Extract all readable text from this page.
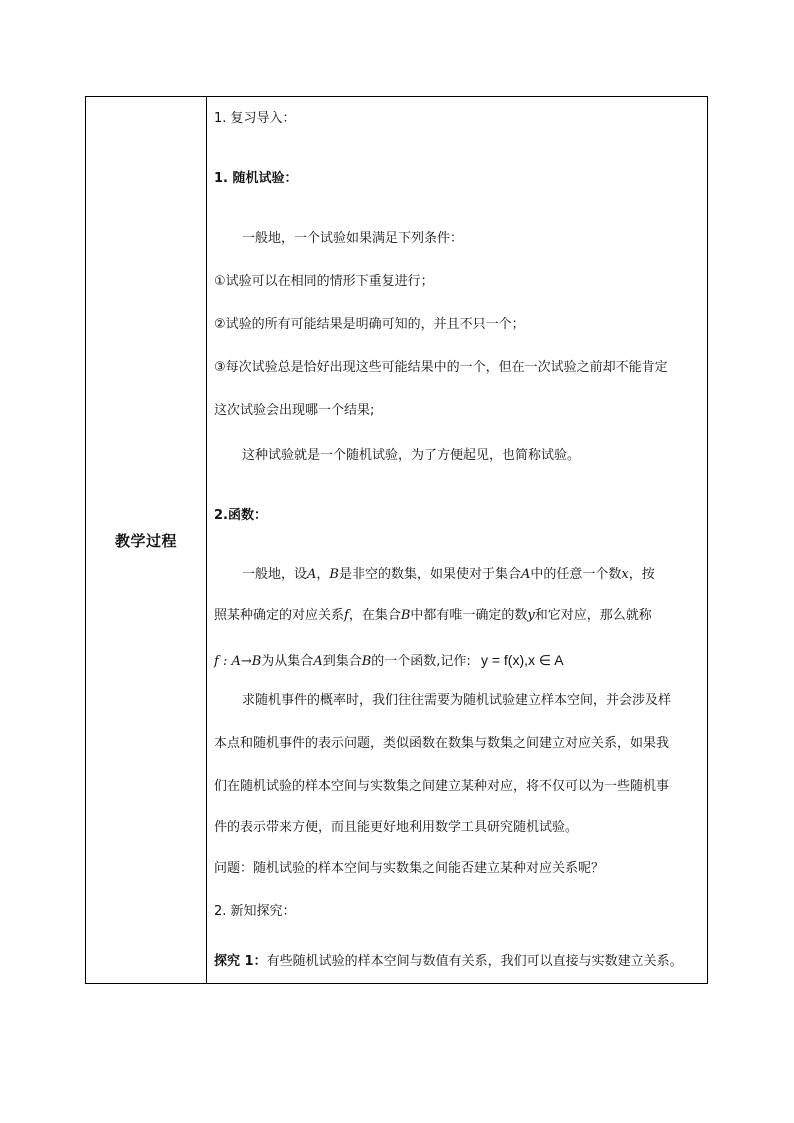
教学过程
1. 复习导入：
1. 随机试验：
一般地，一个试验如果满足下列条件：
①试验可以在相同的情形下重复进行；
②试验的所有可能结果是明确可知的，并且不只一个；
③每次试验总是恰好出现这些可能结果中的一个，但在一次试验之前却不能肯定
这次试验会出现哪一个结果;
这种试验就是一个随机试验，为了方便起见，也简称试验。
2.函数：
一般地，设A，B是非空的数集，如果使对于集合A中的任意一个数x，按
照某种确定的对应关系f，在集合B中都有唯一确定的数y和它对应，那么就称
f : A→B为从集合A到集合B的一个函数,记作: y = f(x),x ∈ A
求随机事件的概率时，我们往往需要为随机试验建立样本空间，并会涉及样
本点和随机事件的表示问题，类似函数在数集与数集之间建立对应关系，如果我
们在随机试验的样本空间与实数集之间建立某种对应，将不仅可以为一些随机事
件的表示带来方便，而且能更好地利用数学工具研究随机试验。
问题：随机试验的样本空间与实数集之间能否建立某种对应关系呢？
2. 新知探究：
探究 1：有些随机试验的样本空间与数值有关系，我们可以直接与实数建立关系。
